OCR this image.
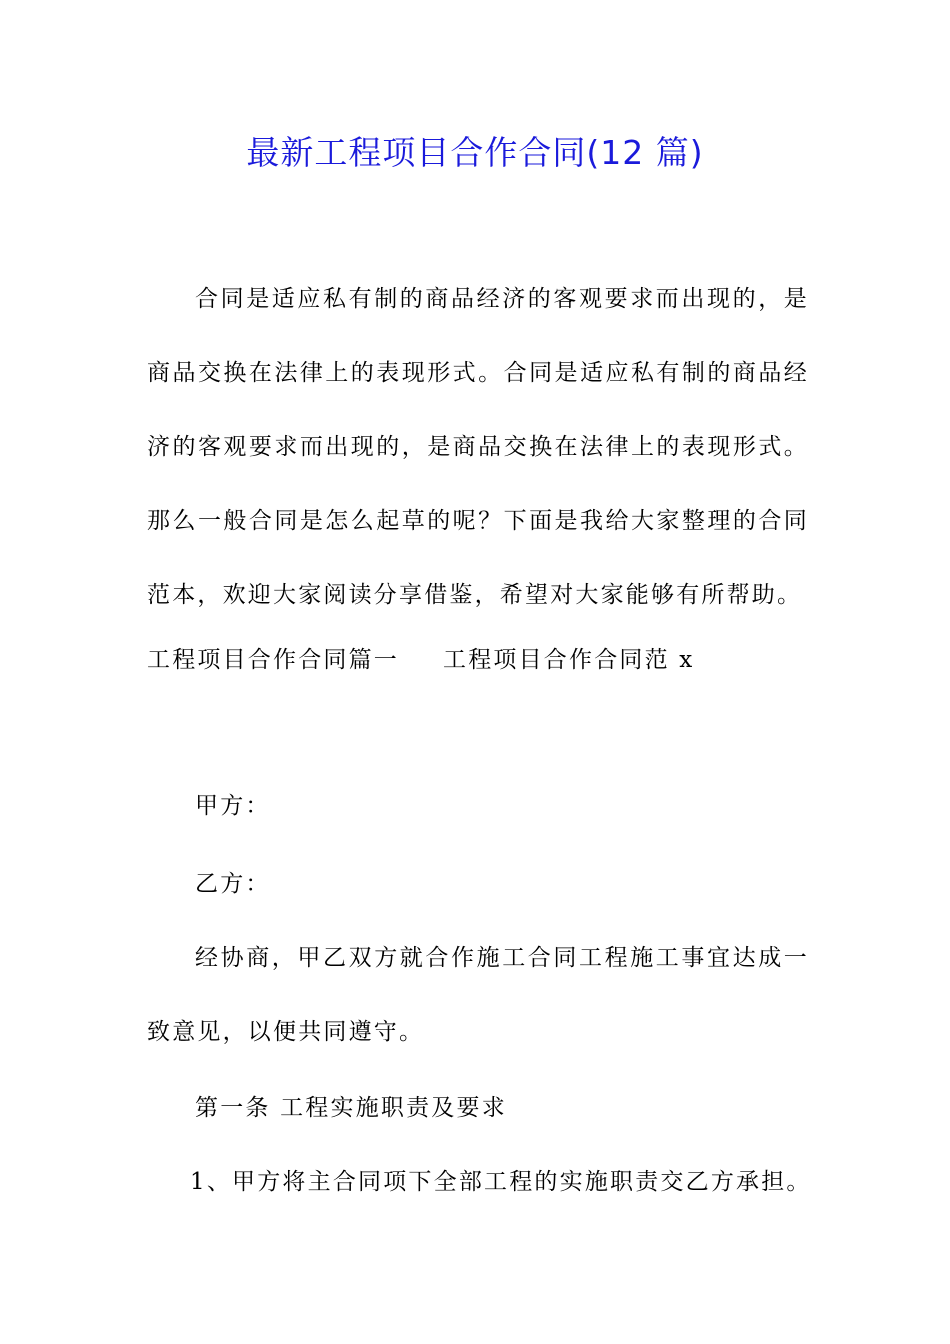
最新工程项目合作合同(12 篇)

合同是适应私有制的商品经济的客观要求而出现的，是商品交换在法律上的表现形式。合同是适应私有制的商品经济的客观要求而出现的，是商品交换在法律上的表现形式。那么一般合同是怎么起草的呢？下面是我给大家整理的合同范本，欢迎大家阅读分享借鉴，希望对大家能够有所帮助。

工程项目合作合同篇一 工程项目合作合同范 x
甲方：
乙方：

经协商，甲乙双方就合作施工合同工程施工事宜达成一致意见，以便共同遵守。

第一条 工程实施职责及要求
1、甲方将主合同项下全部工程的实施职责交乙方承担。
